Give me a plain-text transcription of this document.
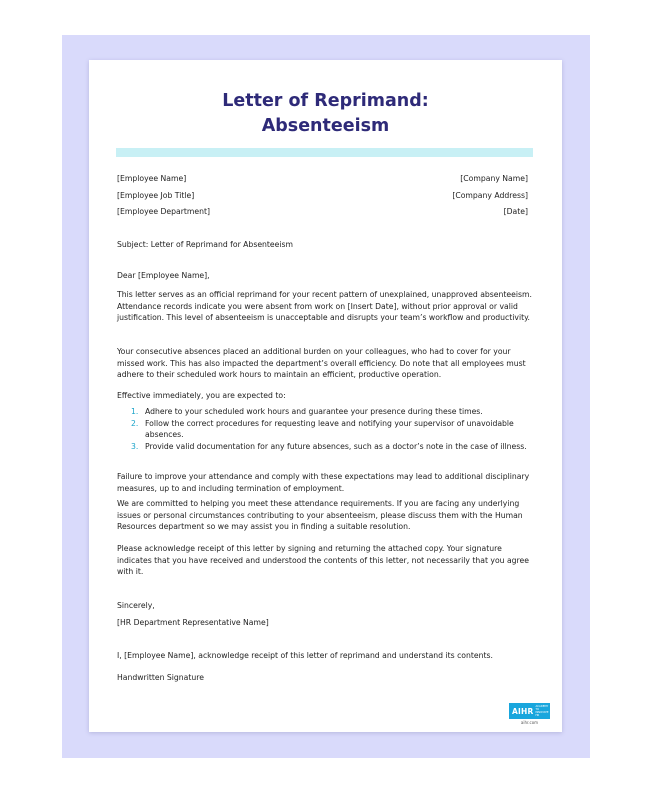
Letter of Reprimand:
Absenteeism

[Employee Name]

[Employee Job Title]

[Employee Department]

[Company Name]

[Company Address]

[Date]

Subject: Letter of Reprimand for Absenteeism

Dear [Employee Name],

This letter serves as an official reprimand for your recent pattern of unexplained, unapproved absenteeism. Attendance records indicate you were absent from work on [Insert Date], without prior approval or valid justification. This level of absenteeism is unacceptable and disrupts your team’s workflow and productivity.

Your consecutive absences placed an additional burden on your colleagues, who had to cover for your missed work. This has also impacted the department’s overall efficiency. Do note that all employees must adhere to their scheduled work hours to maintain an efficient, productive operation.

Effective immediately, you are expected to:

1. Adhere to your scheduled work hours and guarantee your presence during these times.
2. Follow the correct procedures for requesting leave and notifying your supervisor of unavoidable absences.
3. Provide valid documentation for any future absences, such as a doctor’s note in the case of illness.

Failure to improve your attendance and comply with these expectations may lead to additional disciplinary measures, up to and including termination of employment.

We are committed to helping you meet these attendance requirements. If you are facing any underlying issues or personal circumstances contributing to your absenteeism, please discuss them with the Human Resources department so we may assist you in finding a suitable resolution.

Please acknowledge receipt of this letter by signing and returning the attached copy. Your signature indicates that you have received and understood the contents of this letter, not necessarily that you agree with it.

Sincerely,

[HR Department Representative Name]

I, [Employee Name], acknowledge receipt of this letter of reprimand and understand its contents.

Handwritten Signature

AIHR ACADEMY TO INNOVATE HR
aihr.com
